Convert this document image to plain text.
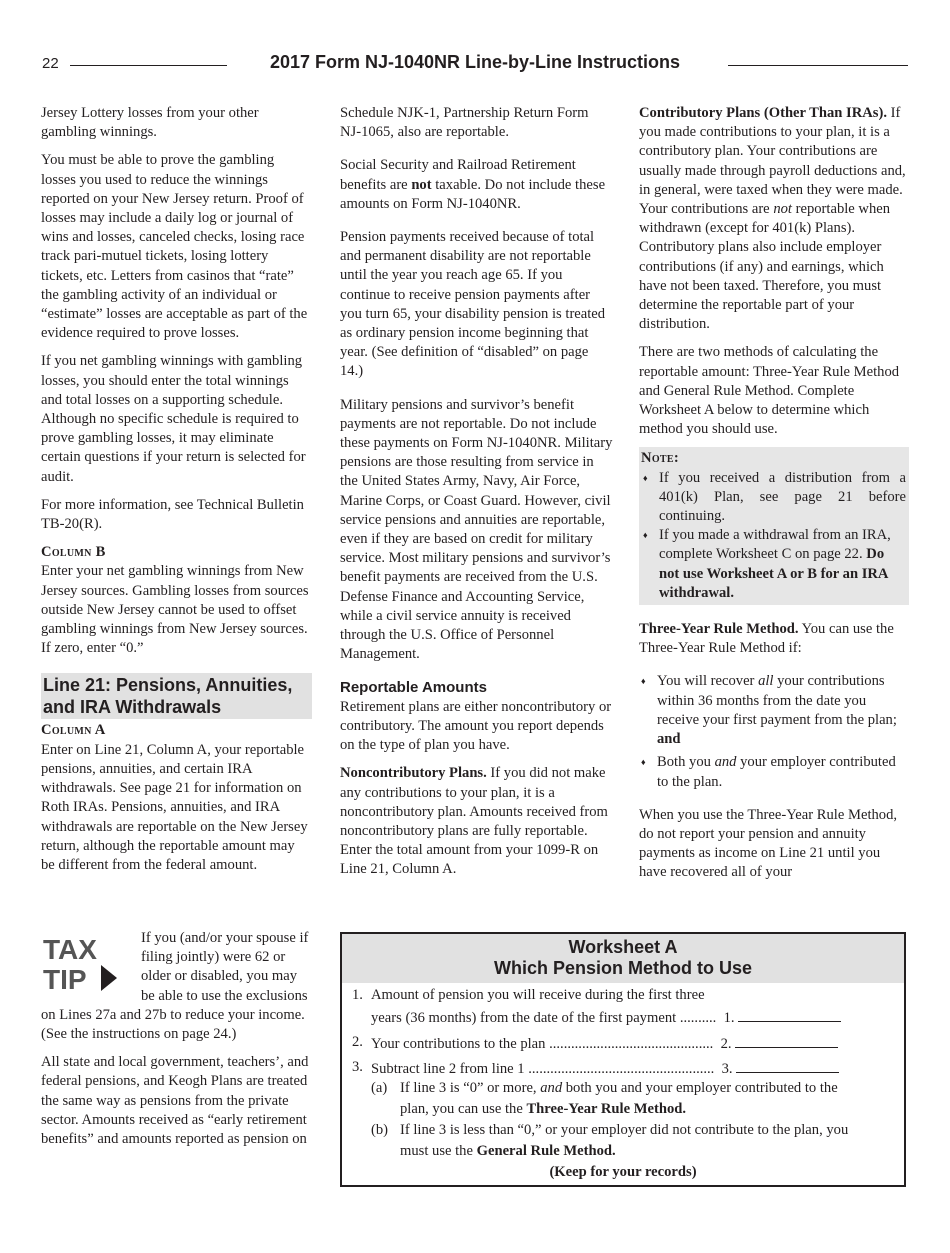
22	2017 Form NJ-1040NR Line-by-Line Instructions

Jersey Lottery losses from your other gambling winnings.

You must be able to prove the gambling losses you used to reduce the winnings reported on your New Jersey return. Proof of losses may include a daily log or journal of wins and losses, canceled checks, losing race track pari-mutuel tickets, losing lottery tickets, etc. Letters from casinos that “rate” the gambling activity of an individual or “estimate” losses are acceptable as part of the evidence required to prove losses.

If you net gambling winnings with gambling losses, you should enter the total winnings and total losses on a supporting schedule. Although no specific schedule is required to prove gambling losses, it may eliminate certain questions if your return is selected for audit.

For more information, see Technical Bulletin TB-20(R).

Column B

Enter your net gambling winnings from New Jersey sources. Gambling losses from sources outside New Jersey cannot be used to offset gambling winnings from New Jersey sources. If zero, enter “0.”

Line 21: Pensions, Annuities, and IRA Withdrawals

Column A

Enter on Line 21, Column A, your reportable pensions, annuities, and certain IRA withdrawals. See page 21 for information on Roth IRAs. Pensions, annuities, and IRA withdrawals are reportable on the New Jersey return, although the reportable amount may be different from the federal amount.

TAX
TIP

If you (and/or your spouse if filing jointly) were 62 or older or disabled, you may be able to use the exclusions on Lines 27a and 27b to reduce your income. (See the instructions on page 24.)

All state and local government, teachers’, and federal pensions, and Keogh Plans are treated the same way as pensions from the private sector. Amounts received as “early retirement benefits” and amounts reported as pension on

Schedule NJK-1, Partnership Return Form NJ-1065, also are reportable.

Social Security and Railroad Retirement benefits are not taxable. Do not include these amounts on Form NJ-1040NR.

Pension payments received because of total and permanent disability are not reportable until the year you reach age 65. If you continue to receive pension payments after you turn 65, your disability pension is treated as ordinary pension income beginning that year. (See definition of “disabled” on page 14.)

Military pensions and survivor’s benefit payments are not reportable. Do not include these payments on Form NJ-1040NR. Military pensions are those resulting from service in the United States Army, Navy, Air Force, Marine Corps, or Coast Guard. However, civil service pensions and annuities are reportable, even if they are based on credit for military service. Most military pensions and survivor’s benefit payments are received from the U.S. Defense Finance and Accounting Service, while a civil service annuity is received through the U.S. Office of Personnel Management.

Reportable Amounts

Retirement plans are either noncontributory or contributory. The amount you report depends on the type of plan you have.

Noncontributory Plans. If you did not make any contributions to your plan, it is a noncontributory plan. Amounts received from noncontributory plans are fully reportable. Enter the total amount from your 1099-R on Line 21, Column A.

Contributory Plans (Other Than IRAs). If you made contributions to your plan, it is a contributory plan. Your contributions are usually made through payroll deductions and, in general, were taxed when they were made. Your contributions are not reportable when withdrawn (except for 401(k) Plans). Contributory plans also include employer contributions (if any) and earnings, which have not been taxed. Therefore, you must determine the reportable part of your distribution.

There are two methods of calculating the reportable amount: Three-Year Rule Method and General Rule Method. Complete Worksheet A below to determine which method you should use.

Note:

♦ If you received a distribution from a 401(k) Plan, see page 21 before continuing.
♦ If you made a withdrawal from an IRA, complete Worksheet C on page 22. Do not use Worksheet A or B for an IRA withdrawal.

Three-Year Rule Method. You can use the Three-Year Rule Method if:

♦ You will recover all your contributions within 36 months from the date you receive your first payment from the plan; and
♦ Both you and your employer contributed to the plan.

When you use the Three-Year Rule Method, do not report your pension and annuity payments as income on Line 21 until you have recovered all of your

Worksheet A
Which Pension Method to Use
1. Amount of pension you will receive during the first three
years (36 months) from the date of the first payment .......... 1.
2. Your contributions to the plan ............................................. 2.
3. Subtract line 2 from line 1 ................................................... 3.
(a) If line 3 is “0” or more, and both you and your employer contributed to the
plan, you can use the Three-Year Rule Method.
(b) If line 3 is less than “0,” or your employer did not contribute to the plan, you
must use the General Rule Method.
(Keep for your records)
